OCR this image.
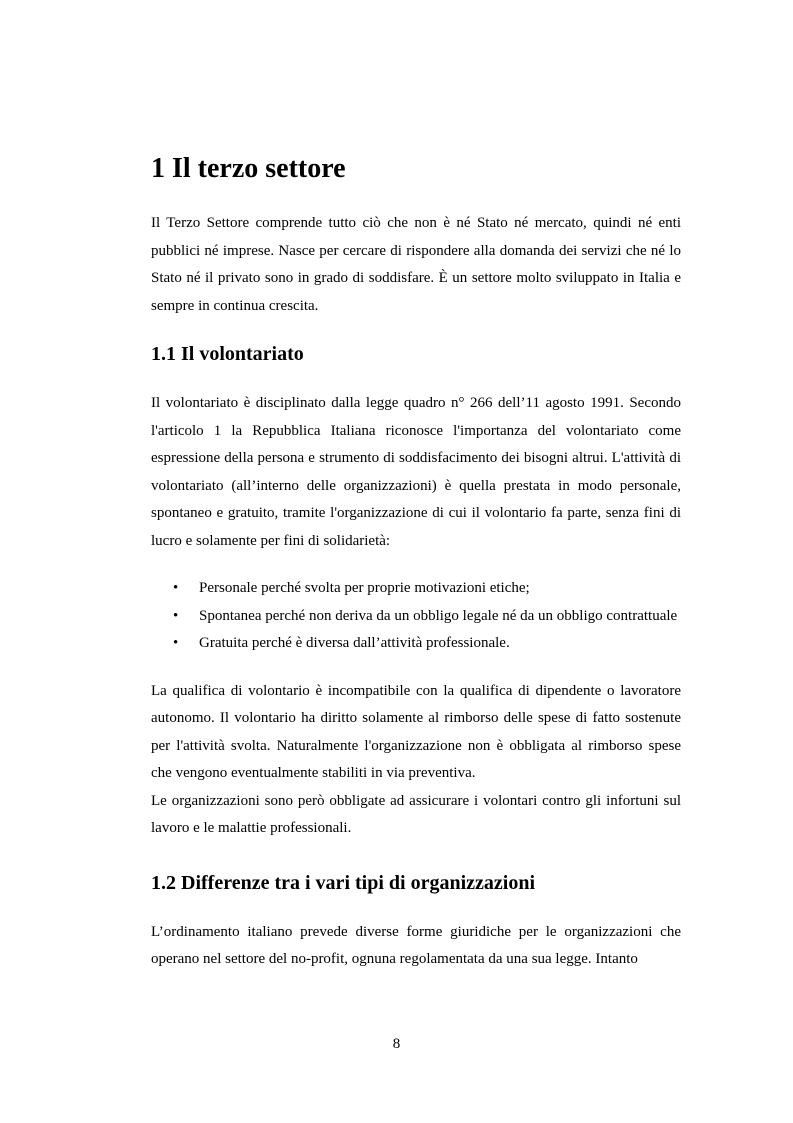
1 Il terzo settore

Il Terzo Settore comprende tutto ciò che non è né Stato né mercato, quindi né enti pubblici né imprese. Nasce per cercare di rispondere alla domanda dei servizi che né lo Stato né il privato sono in grado di soddisfare. È un settore molto sviluppato in Italia e sempre in continua crescita.

1.1 Il volontariato

Il volontariato è disciplinato dalla legge quadro n° 266 dell’11 agosto 1991. Secondo l'articolo 1 la Repubblica Italiana riconosce l'importanza del volontariato come espressione della persona e strumento di soddisfacimento dei bisogni altrui. L'attività di volontariato (all’interno delle organizzazioni) è quella prestata in modo personale, spontaneo e gratuito, tramite l'organizzazione di cui il volontario fa parte, senza fini di lucro e solamente per fini di solidarietà:

• Personale perché svolta per proprie motivazioni etiche;
• Spontanea perché non deriva da un obbligo legale né da un obbligo contrattuale
• Gratuita perché è diversa dall’attività professionale.

La qualifica di volontario è incompatibile con la qualifica di dipendente o lavoratore autonomo. Il volontario ha diritto solamente al rimborso delle spese di fatto sostenute per l'attività svolta. Naturalmente l'organizzazione non è obbligata al rimborso spese che vengono eventualmente stabiliti in via preventiva.

Le organizzazioni sono però obbligate ad assicurare i volontari contro gli infortuni sul lavoro e le malattie professionali.

1.2 Differenze tra i vari tipi di organizzazioni

L’ordinamento italiano prevede diverse forme giuridiche per le organizzazioni che operano nel settore del no-profit, ognuna regolamentata da una sua legge. Intanto

8
